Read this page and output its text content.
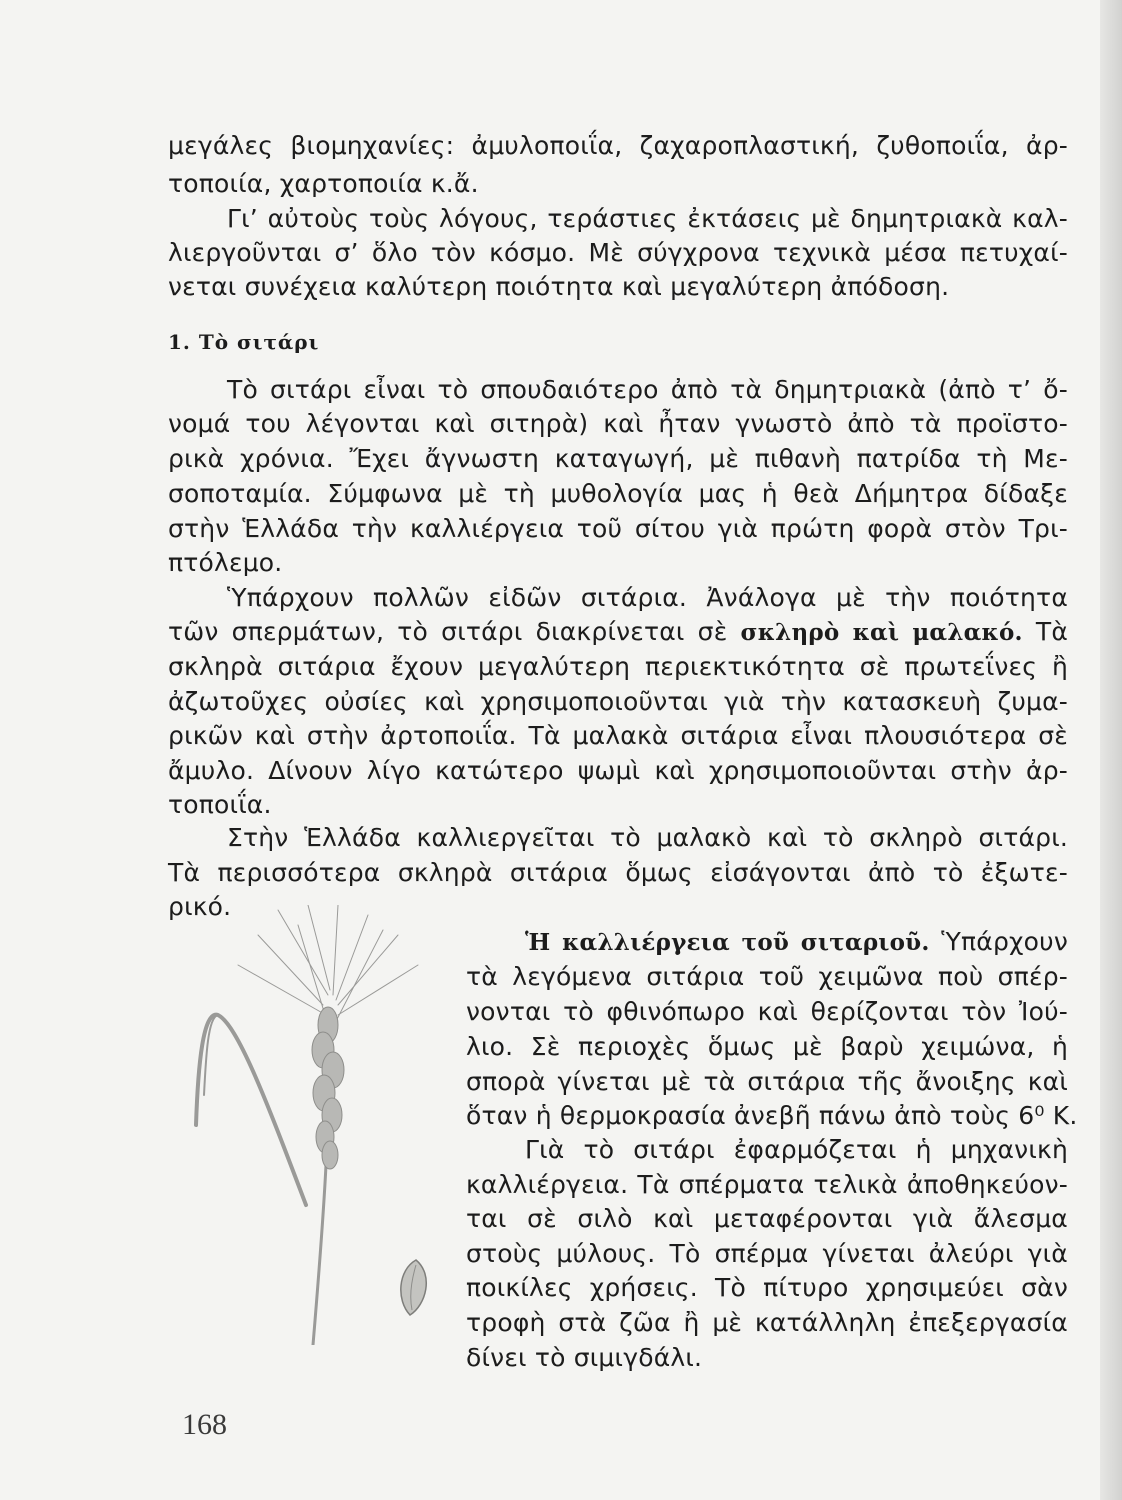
μεγάλες βιομηχανίες: ἀμυλοποιΐα, ζαχαροπλαστική, ζυθοποιΐα, ἀρ-
τοποιία, χαρτοποιία κ.ἄ.
Γι’ αὐτοὺς τοὺς λόγους, τεράστιες ἐκτάσεις μὲ δημητριακὰ καλ-
λιεργοῦνται σ’ ὅλο τὸν κόσμο. Μὲ σύγχρονα τεχνικὰ μέσα πετυχαί-
νεται συνέχεια καλύτερη ποιότητα καὶ μεγαλύτερη ἀπόδοση.
1. Τὸ σιτάρι
Τὸ σιτάρι εἶναι τὸ σπουδαιότερο ἀπὸ τὰ δημητριακὰ (ἀπὸ τ’ ὄ-
νομά του λέγονται καὶ σιτηρὰ) καὶ ἦταν γνωστὸ ἀπὸ τὰ προϊστο-
ρικὰ χρόνια. Ἔχει ἄγνωστη καταγωγή, μὲ πιθανὴ πατρίδα τὴ Με-
σοποταμία. Σύμφωνα μὲ τὴ μυθολογία μας ἡ θεὰ Δήμητρα δίδαξε
στὴν Ἑλλάδα τὴν καλλιέργεια τοῦ σίτου γιὰ πρώτη φορὰ στὸν Τρι-
πτόλεμο.
Ὑπάρχουν πολλῶν εἰδῶν σιτάρια. Ἀνάλογα μὲ τὴν ποιότητα
τῶν σπερμάτων, τὸ σιτάρι διακρίνεται σὲ σκληρὸ καὶ μαλακό. Τὰ
σκληρὰ σιτάρια ἔχουν μεγαλύτερη περιεκτικότητα σὲ πρωτεΐνες ἢ
ἀζωτοῦχες οὐσίες καὶ χρησιμοποιοῦνται γιὰ τὴν κατασκευὴ ζυμα-
ρικῶν καὶ στὴν ἀρτοποιΐα. Τὰ μαλακὰ σιτάρια εἶναι πλουσιότερα σὲ
ἄμυλο. Δίνουν λίγο κατώτερο ψωμὶ καὶ χρησιμοποιοῦνται στὴν ἀρ-
τοποιΐα.
Στὴν Ἑλλάδα καλλιεργεῖται τὸ μαλακὸ καὶ τὸ σκληρὸ σιτάρι.
Τὰ περισσότερα σκληρὰ σιτάρια ὅμως εἰσάγονται ἀπὸ τὸ ἐξωτε-
ρικό.
Ἡ καλλιέργεια τοῦ σιταριοῦ. Ὑπάρχουν
τὰ λεγόμενα σιτάρια τοῦ χειμῶνα ποὺ σπέρ-
νονται τὸ φθινόπωρο καὶ θερίζονται τὸν Ἰού-
λιο. Σὲ περιοχὲς ὅμως μὲ βαρὺ χειμώνα, ἡ
σπορὰ γίνεται μὲ τὰ σιτάρια τῆς ἄνοιξης καὶ
ὅταν ἡ θερμοκρασία ἀνεβῆ πάνω ἀπὸ τοὺς 6⁰ Κ.
Γιὰ τὸ σιτάρι ἐφαρμόζεται ἡ μηχανικὴ
καλλιέργεια. Τὰ σπέρματα τελικὰ ἀποθηκεύον-
ται σὲ σιλὸ καὶ μεταφέρονται γιὰ ἄλεσμα
στοὺς μύλους. Τὸ σπέρμα γίνεται ἀλεύρι γιὰ
ποικίλες χρήσεις. Τὸ πίτυρο χρησιμεύει σὰν
τροφὴ στὰ ζῶα ἢ μὲ κατάλληλη ἐπεξεργασία
δίνει τὸ σιμιγδάλι.
168
